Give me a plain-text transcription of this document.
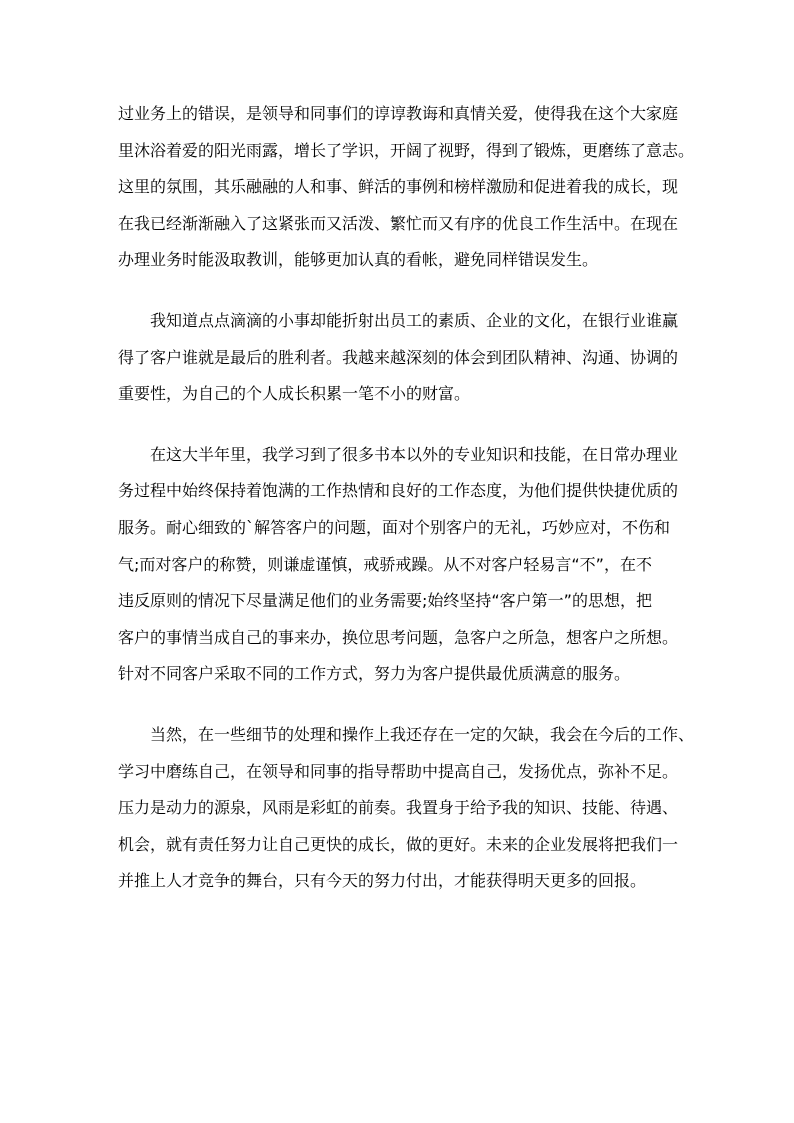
过业务上的错误，是领导和同事们的谆谆教诲和真情关爱，使得我在这个大家庭
里沐浴着爱的阳光雨露，增长了学识，开阔了视野，得到了锻炼，更磨练了意志。
这里的氛围，其乐融融的人和事、鲜活的事例和榜样激励和促进着我的成长，现
在我已经渐渐融入了这紧张而又活泼、繁忙而又有序的优良工作生活中。在现在
办理业务时能汲取教训，能够更加认真的看帐，避免同样错误发生。
　　我知道点点滴滴的小事却能折射出员工的素质、企业的文化，在银行业谁赢
得了客户谁就是最后的胜利者。我越来越深刻的体会到团队精神、沟通、协调的
重要性，为自己的个人成长积累一笔不小的财富。
　　在这大半年里，我学习到了很多书本以外的专业知识和技能，在日常办理业
务过程中始终保持着饱满的工作热情和良好的工作态度，为他们提供快捷优质的
服务。耐心细致的`解答客户的问题，面对个别客户的无礼，巧妙应对，不伤和
气;而对客户的称赞，则谦虚谨慎，戒骄戒躁。从不对客户轻易言“不”，在不
违反原则的情况下尽量满足他们的业务需要;始终坚持“客户第一”的思想，把
客户的事情当成自己的事来办，换位思考问题，急客户之所急，想客户之所想。
针对不同客户采取不同的工作方式，努力为客户提供最优质满意的服务。
　　当然，在一些细节的处理和操作上我还存在一定的欠缺，我会在今后的工作、
学习中磨练自己，在领导和同事的指导帮助中提高自己，发扬优点，弥补不足。
压力是动力的源泉，风雨是彩虹的前奏。我置身于给予我的知识、技能、待遇、
机会，就有责任努力让自己更快的成长，做的更好。未来的企业发展将把我们一
并推上人才竞争的舞台，只有今天的努力付出，才能获得明天更多的回报。
